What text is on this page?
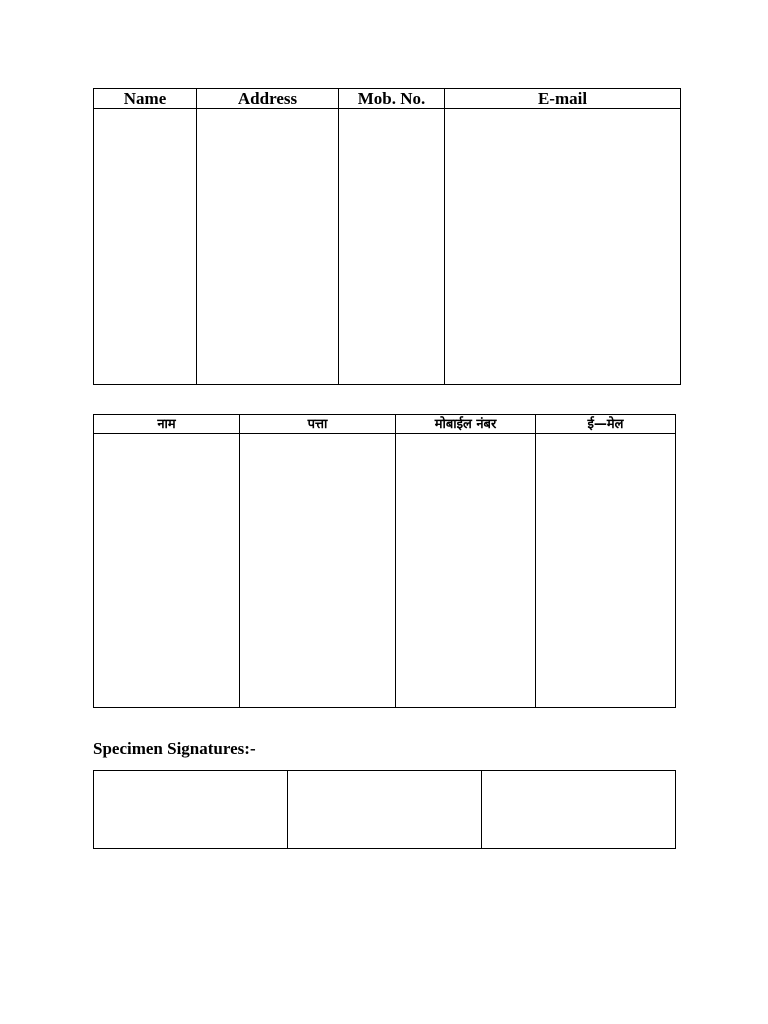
Name	Address	Mob. No.	E-mail

नाम	पत्ता	मोबाईल नंबर	ई—मेल

Specimen Signatures:-
